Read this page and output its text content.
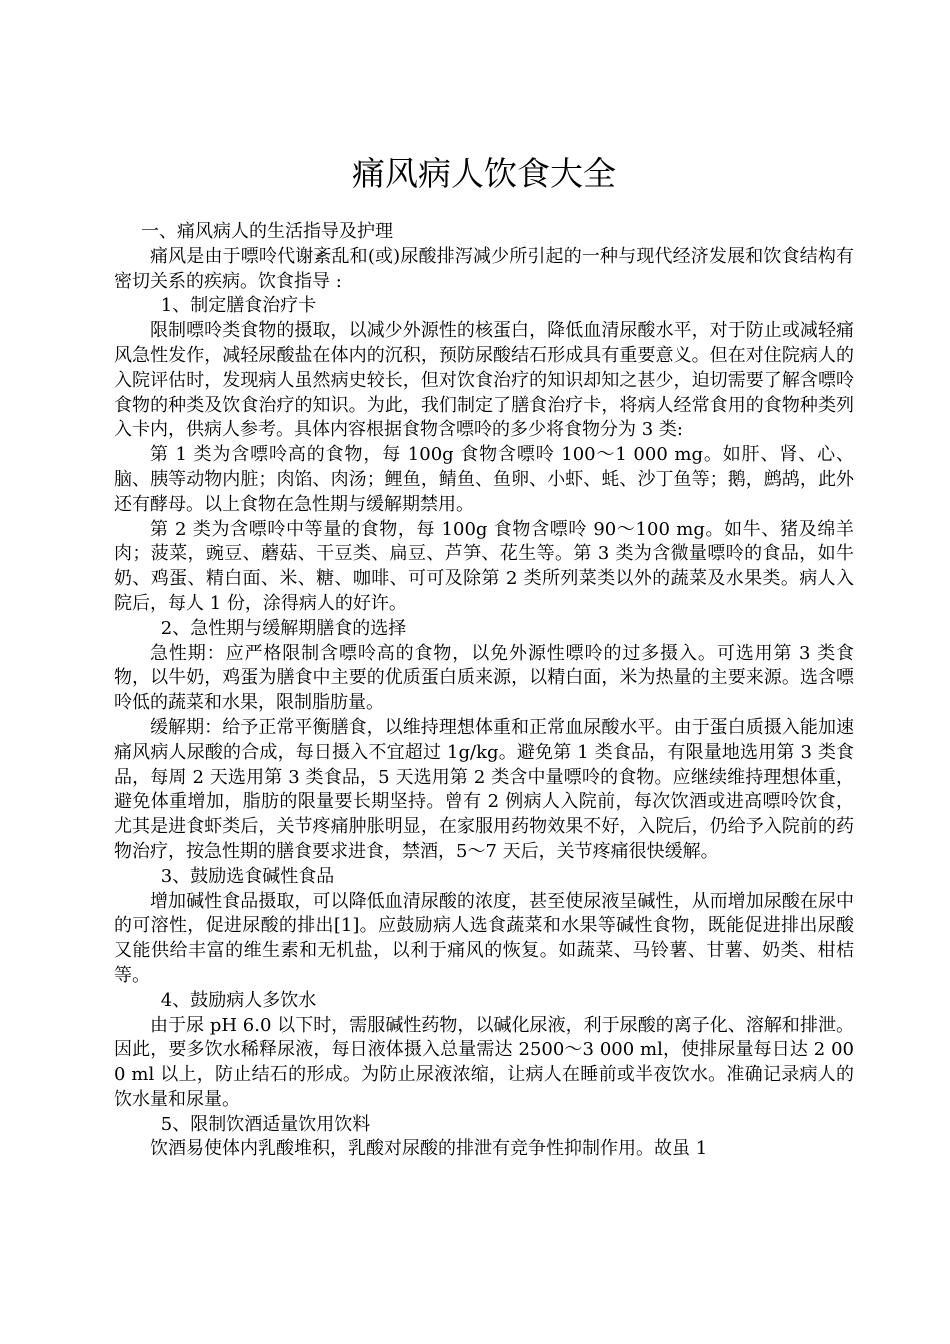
痛风病人饮食大全
一、痛风病人的生活指导及护理

痛风是由于嘌呤代谢紊乱和(或)尿酸排泻减少所引起的一种与现代经济发展和饮食结构有密切关系的疾病。饮食指导 :

1、制定膳食治疗卡

限制嘌呤类食物的摄取，以减少外源性的核蛋白，降低血清尿酸水平，对于防止或减轻痛风急性发作，减轻尿酸盐在体内的沉积，预防尿酸结石形成具有重要意义。但在对住院病人的入院评估时，发现病人虽然病史较长，但对饮食治疗的知识却知之甚少，迫切需要了解含嘌呤食物的种类及饮食治疗的知识。为此，我们制定了膳食治疗卡，将病人经常食用的食物种类列入卡内，供病人参考。具体内容根据食物含嘌呤的多少将食物分为 3 类:

第 1 类为含嘌呤高的食物，每 100g 食物含嘌呤 100～1 000 mg。如肝、肾、心、脑、胰等动物内脏；肉馅、肉汤；鲤鱼，鲭鱼、鱼卵、小虾、蚝、沙丁鱼等；鹅，鹧鸪，此外还有酵母。以上食物在急性期与缓解期禁用。

第 2 类为含嘌呤中等量的食物，每 100g 食物含嘌呤 90～100 mg。如牛、猪及绵羊肉；菠菜，豌豆、蘑菇、干豆类、扁豆、芦笋、花生等。第 3 类为含微量嘌呤的食品，如牛奶、鸡蛋、精白面、米、糖、咖啡、可可及除第 2 类所列菜类以外的蔬菜及水果类。病人入院后，每人 1 份，涂得病人的好许。

2、急性期与缓解期膳食的选择

急性期：应严格限制含嘌呤高的食物，以免外源性嘌呤的过多摄入。可选用第 3 类食物，以牛奶，鸡蛋为膳食中主要的优质蛋白质来源，以精白面，米为热量的主要来源。选含嘌呤低的蔬菜和水果，限制脂肪量。

缓解期：给予正常平衡膳食，以维持理想体重和正常血尿酸水平。由于蛋白质摄入能加速痛风病人尿酸的合成，每日摄入不宜超过 1g/kg。避免第 1 类食品，有限量地选用第 3 类食品，每周 2 天选用第 3 类食品，5 天选用第 2 类含中量嘌呤的食物。应继续维持理想体重，避免体重增加，脂肪的限量要长期坚持。曾有 2 例病人入院前，每次饮酒或进高嘌呤饮食，尤其是进食虾类后，关节疼痛肿胀明显，在家服用药物效果不好，入院后，仍给予入院前的药物治疗，按急性期的膳食要求进食，禁酒，5～7 天后，关节疼痛很快缓解。

3、鼓励选食碱性食品

增加碱性食品摄取，可以降低血清尿酸的浓度，甚至使尿液呈碱性，从而增加尿酸在尿中的可溶性，促进尿酸的排出[1]。应鼓励病人选食蔬菜和水果等碱性食物，既能促进排出尿酸又能供给丰富的维生素和无机盐，以利于痛风的恢复。如蔬菜、马铃薯、甘薯、奶类、柑桔等。

4、鼓励病人多饮水

由于尿 pH 6.0 以下时，需服碱性药物，以碱化尿液，利于尿酸的离子化、溶解和排泄。因此，要多饮水稀释尿液，每日液体摄入总量需达 2500～3 000 ml，使排尿量每日达 2 000 ml 以上，防止结石的形成。为防止尿液浓缩，让病人在睡前或半夜饮水。准确记录病人的饮水量和尿量。

5、限制饮酒适量饮用饮料

饮酒易使体内乳酸堆积，乳酸对尿酸的排泄有竞争性抑制作用。故虽 1
